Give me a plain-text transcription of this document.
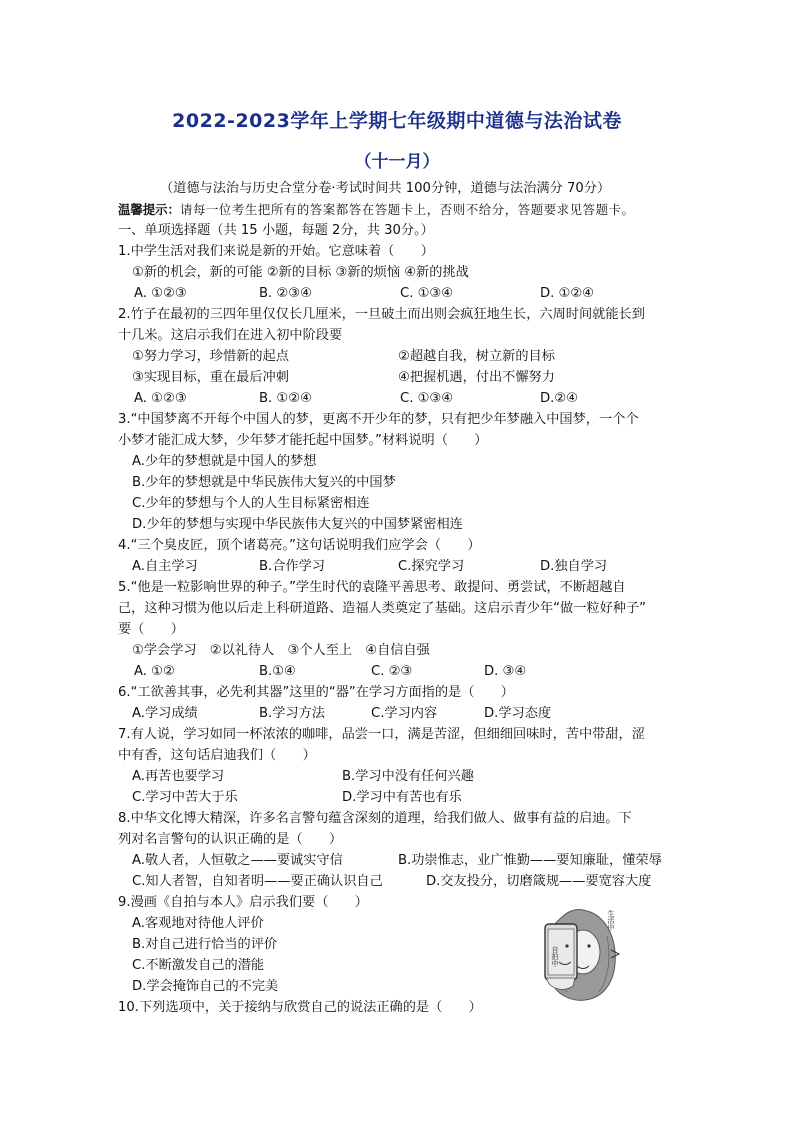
2022-2023学年上学期七年级期中道德与法治试卷
（十一月）
（道德与法治与历史合堂分卷·考试时间共 100分钟，道德与法治满分 70分）
温馨提示：请每一位考生把所有的答案都答在答题卡上，否则不给分，答题要求见答题卡。
一、单项选择题（共 15 小题，每题 2分，共 30分。）
1.中学生活对我们来说是新的开始。它意味着（　　）
①新的机会，新的可能 ②新的目标 ③新的烦恼 ④新的挑战
A. ①②③	B. ②③④	C. ①③④	D. ①②④
2.竹子在最初的三四年里仅仅长几厘米，一旦破土而出则会疯狂地生长，六周时间就能长到
十几米。这启示我们在进入初中阶段要
①努力学习，珍惜新的起点	②超越自我，树立新的目标
③实现目标，重在最后冲刺	④把握机遇，付出不懈努力
A. ①②③	B. ①②④	C. ①③④	D.②④
3.“中国梦离不开每个中国人的梦，更离不开少年的梦，只有把少年梦融入中国梦，一个个
小梦才能汇成大梦，少年梦才能托起中国梦。”材料说明（　　）
A.少年的梦想就是中国人的梦想
B.少年的梦想就是中华民族伟大复兴的中国梦
C.少年的梦想与个人的人生目标紧密相连
D.少年的梦想与实现中华民族伟大复兴的中国梦紧密相连
4.“三个臭皮匠，顶个诸葛亮。”这句话说明我们应学会（　　）
A.自主学习	B.合作学习	C.探究学习	D.独自学习
5.“他是一粒影响世界的种子。”学生时代的袁隆平善思考、敢提问、勇尝试，不断超越自
己，这种习惯为他以后走上科研道路、造福人类奠定了基础。这启示青少年“做一粒好种子”
要（　　）
①学会学习　②以礼待人　③个人至上　④自信自强
A. ①②	B.①④	C. ②③	D. ③④
6.“工欲善其事，必先利其器”这里的“器”在学习方面指的是（　　）
A.学习成绩	B.学习方法	C.学习内容	D.学习态度
7.有人说，学习如同一杯浓浓的咖啡，品尝一口，满是苦涩，但细细回味时，苦中带甜，涩
中有香，这句话启迪我们（　　）
A.再苦也要学习	B.学习中没有任何兴趣
C.学习中苦大于乐	D.学习中有苦也有乐
8.中华文化博大精深，许多名言警句蕴含深刻的道理，给我们做人、做事有益的启迪。下
列对名言警句的认识正确的是（　　）
A.敬人者，人恒敬之——要诚实守信	B.功崇惟志，业广惟勤——要知廉耻，懂荣辱
C.知人者智，自知者明——要正确认识自己	D.交友投分，切磨箴规——要宽容大度
9.漫画《自拍与本人》启示我们要（　　）
A.客观地对待他人评价
B.对自己进行恰当的评价
C.不断激发自己的潜能
D.学会掩饰自己的不完美
自拍中
生活中
10.下列选项中，关于接纳与欣赏自己的说法正确的是（　　）
